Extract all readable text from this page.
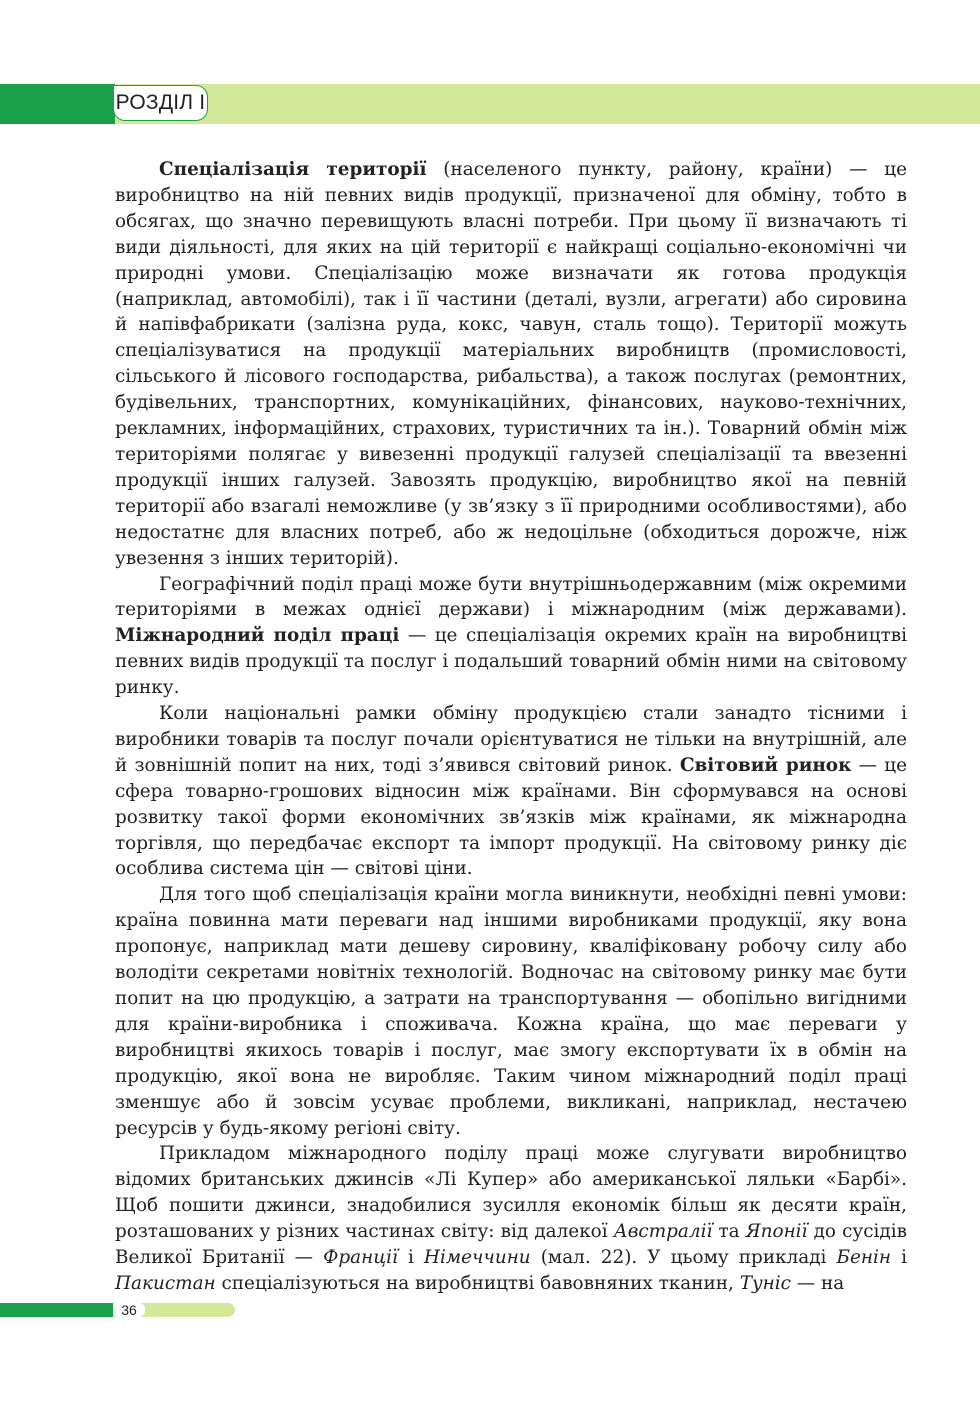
РОЗДІЛ І

Спеціалізація території (населеного пункту, району, країни) — це виробництво на ній певних видів продукції, призначеної для обміну, тобто в обсягах, що значно перевищують власні потреби. При цьому її визначають ті види діяльності, для яких на цій території є найкращі соціально-економічні чи природні умови. Спеціалізацію може визначати як готова продукція (наприклад, автомобілі), так і її частини (деталі, вузли, агрегати) або сировина й напівфабрикати (залізна руда, кокс, чавун, сталь тощо). Території можуть спеціалізуватися на продукції матеріальних виробництв (промисловості, сільського й лісового господарства, рибальства), а також послугах (ремонтних, будівельних, транспортних, комунікаційних, фінансових, науково-технічних, рекламних, інформаційних, страхових, туристичних та ін.). Товарний обмін між територіями полягає у вивезенні продукції галузей спеціалізації та ввезенні продукції інших галузей. Завозять продукцію, виробництво якої на певній території або взагалі неможливе (у зв’язку з її природними особливостями), або недостатнє для власних потреб, або ж недоцільне (обходиться дорожче, ніж увезення з інших територій).

Географічний поділ праці може бути внутрішньодержавним (між окремими територіями в межах однієї держави) і міжнародним (між державами). Міжнародний поділ праці — це спеціалізація окремих країн на виробництві певних видів продукції та послуг і подальший товарний обмін ними на світовому ринку.

Коли національні рамки обміну продукцією стали занадто тісними і виробники товарів та послуг почали орієнтуватися не тільки на внутрішній, але й зовнішній попит на них, тоді з’явився світовий ринок. Світовий ринок — це сфера товарно-грошових відносин між країнами. Він сформувався на основі розвитку такої форми економічних зв’язків між країнами, як міжнародна торгівля, що передбачає експорт та імпорт продукції. На світовому ринку діє особлива система цін — світові ціни.

Для того щоб спеціалізація країни могла виникнути, необхідні певні умови: країна повинна мати переваги над іншими виробниками продукції, яку вона пропонує, наприклад мати дешеву сировину, кваліфіковану робочу силу або володіти секретами новітніх технологій. Водночас на світовому ринку має бути попит на цю продукцію, а затрати на транспортування — обопільно вигідними для країни-виробника і споживача. Кожна країна, що має переваги у виробництві якихось товарів і послуг, має змогу експортувати їх в обмін на продукцію, якої вона не виробляє. Таким чином міжнародний поділ праці зменшує або й зовсім усуває проблеми, викликані, наприклад, нестачею ресурсів у будь-якому регіоні світу.

Прикладом міжнародного поділу праці може слугувати виробництво відомих британських джинсів «Лі Купер» або американської ляльки «Барбі». Щоб пошити джинси, знадобилися зусилля економік більш як десяти країн, розташованих у різних частинах світу: від далекої Австралії та Японії до сусідів Великої Британії — Франції і Німеччини (мал. 22). У цьому прикладі Бенін і Пакистан спеціалізуються на виробництві бавовняних тканин, Туніс — на

36
